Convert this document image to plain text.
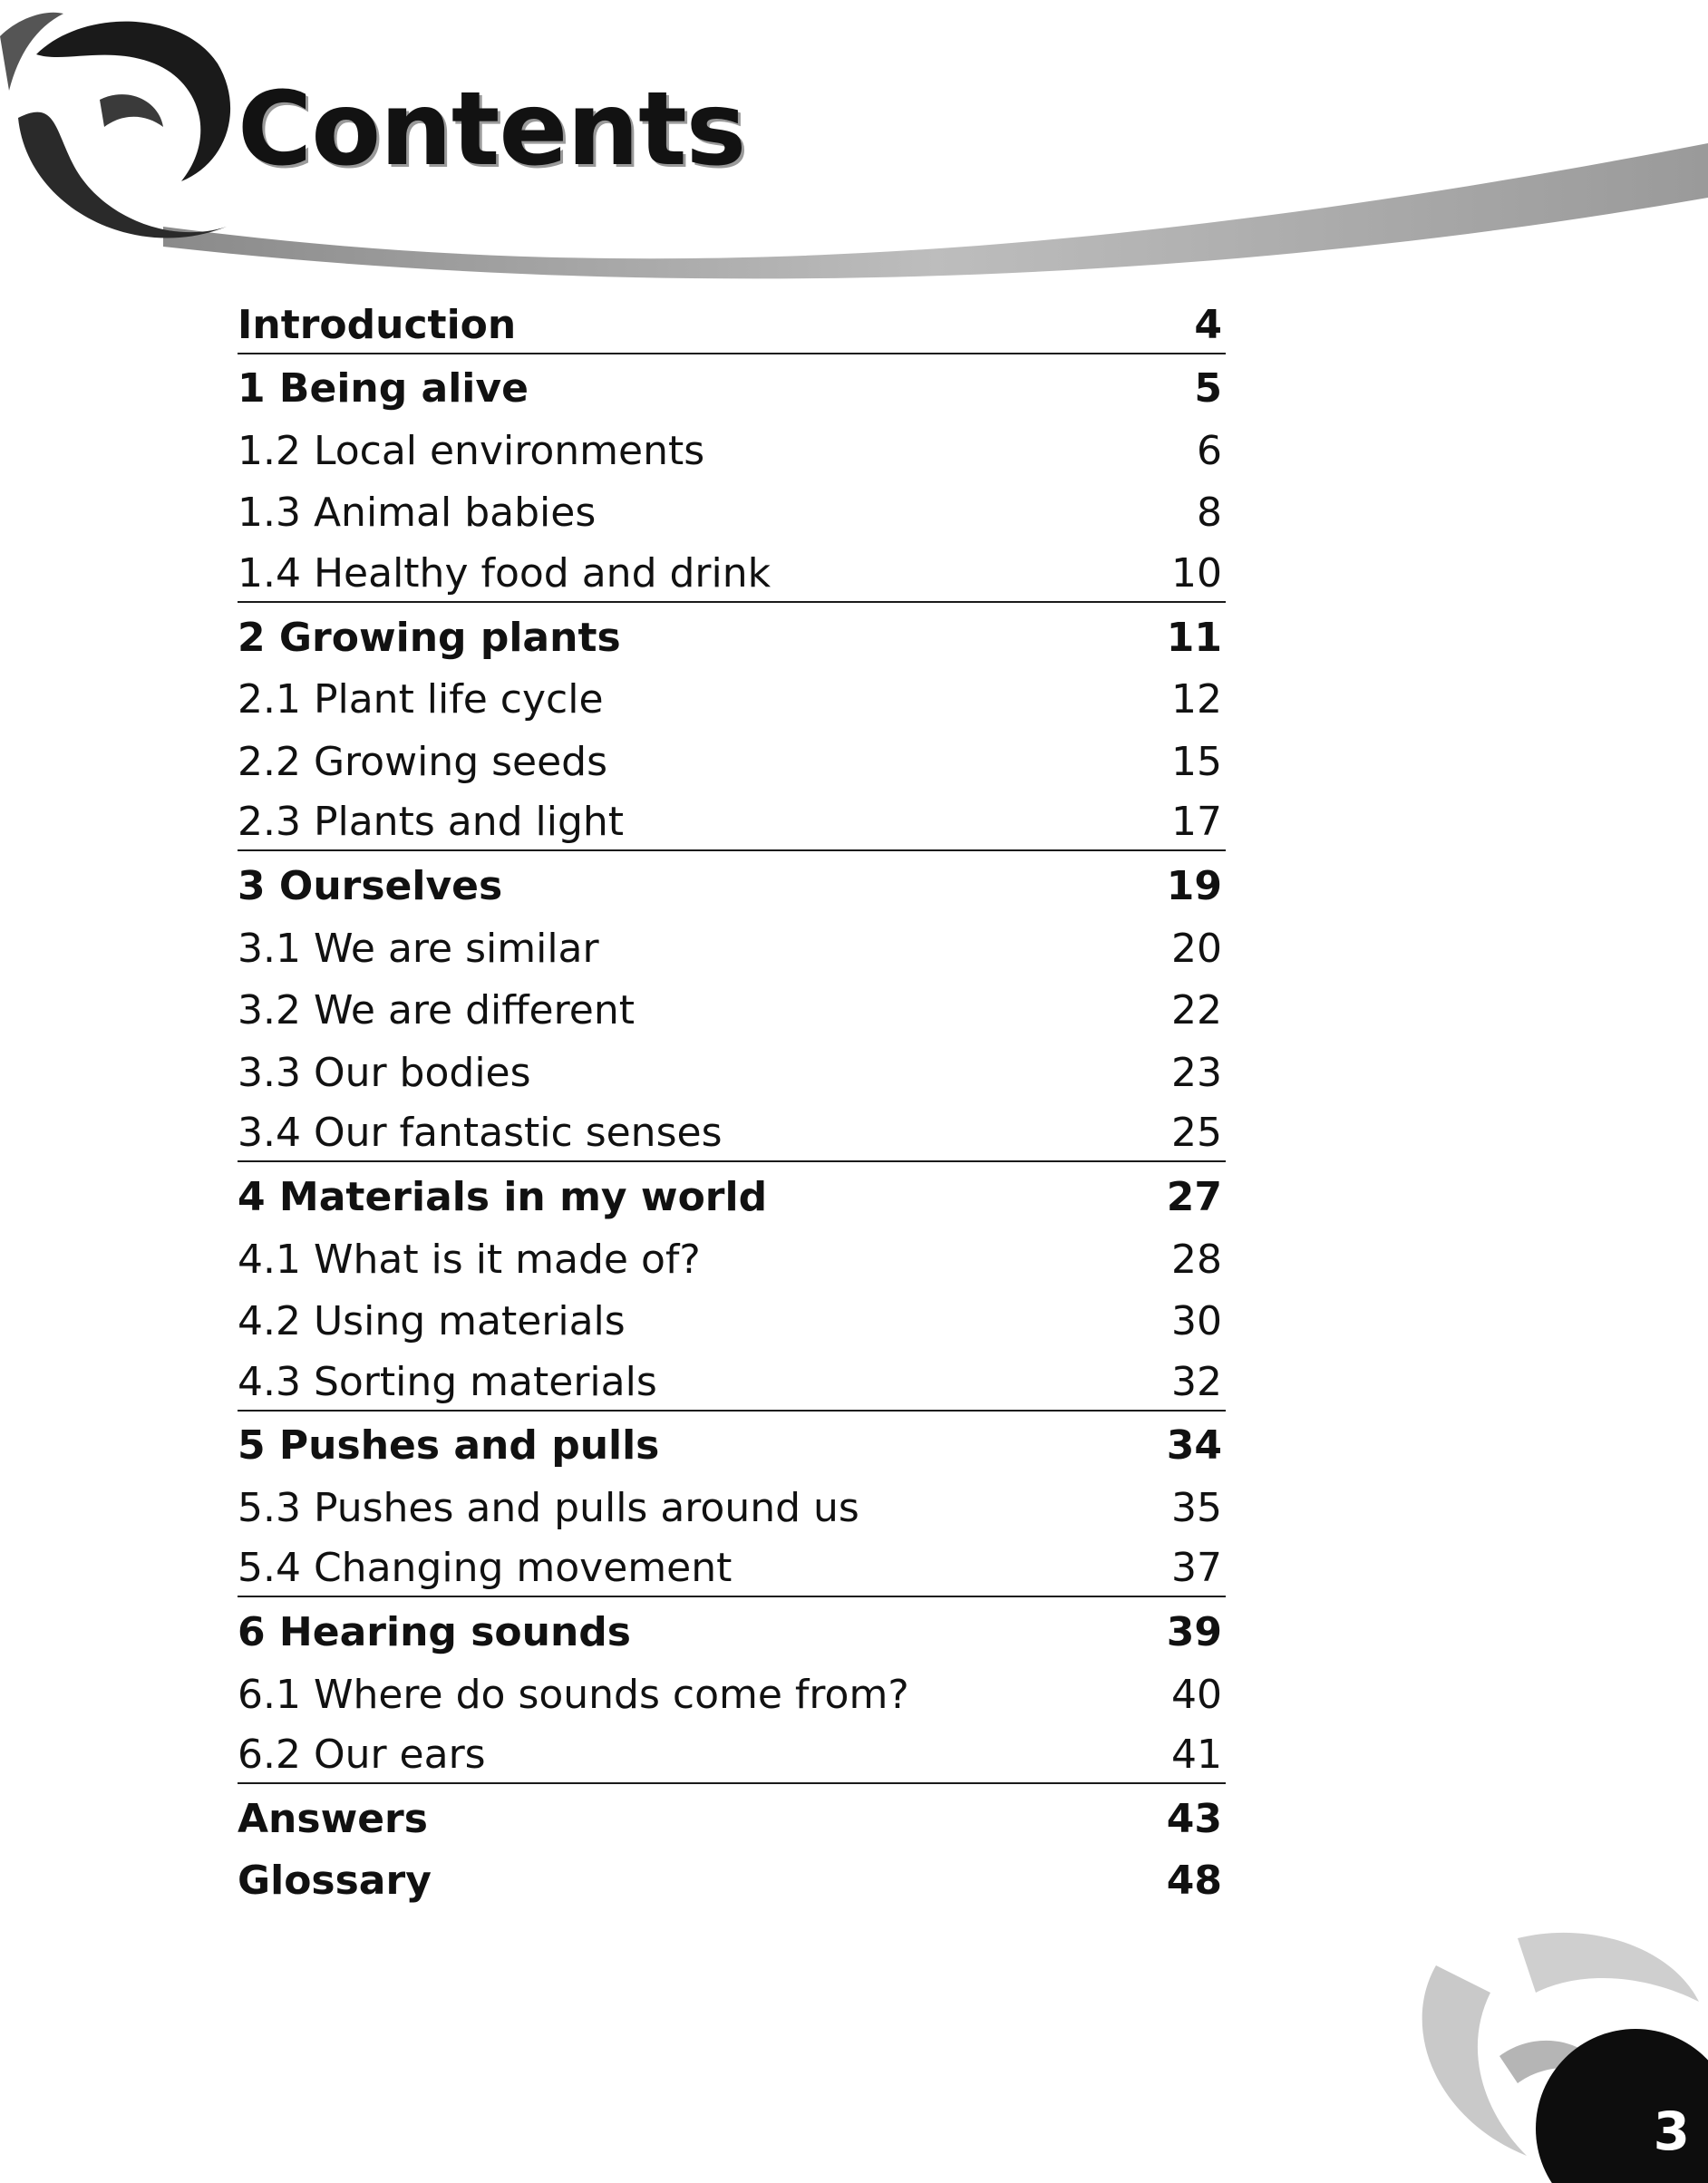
Contents
Introduction	4
1 Being alive	5
1.2 Local environments	6
1.3 Animal babies	8
1.4 Healthy food and drink	10
2 Growing plants	11
2.1 Plant life cycle	12
2.2 Growing seeds	15
2.3 Plants and light	17
3 Ourselves	19
3.1 We are similar	20
3.2 We are different	22
3.3 Our bodies	23
3.4 Our fantastic senses	25
4 Materials in my world	27
4.1 What is it made of?	28
4.2 Using materials	30
4.3 Sorting materials	32
5 Pushes and pulls	34
5.3 Pushes and pulls around us	35
5.4 Changing movement	37
6 Hearing sounds	39
6.1 Where do sounds come from?	40
6.2 Our ears	41
Answers	43
Glossary	48
3
